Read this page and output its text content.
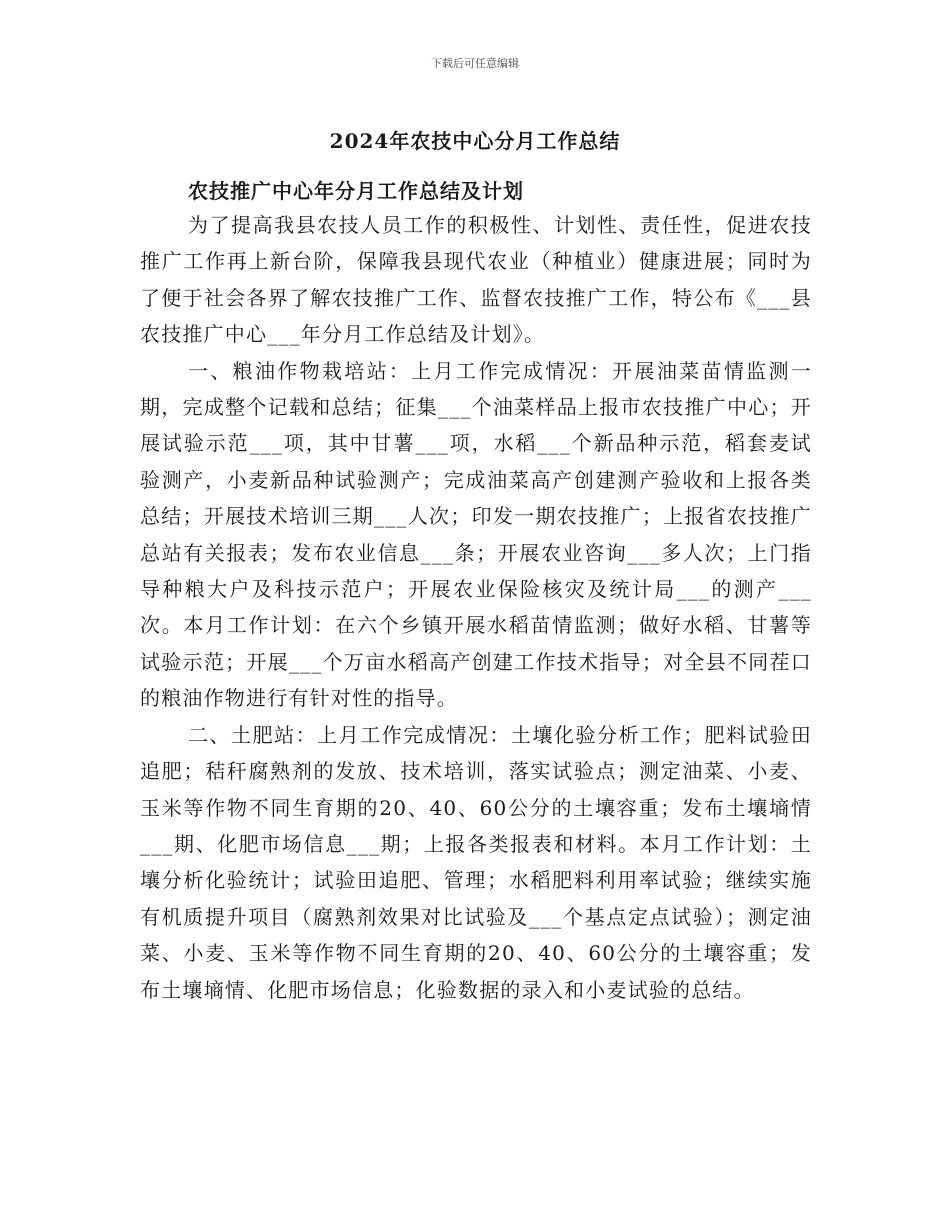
下载后可任意编辑
2024年农技中心分月工作总结
农技推广中心年分月工作总结及计划

为了提高我县农技人员工作的积极性、计划性、责任性，促进农技推广工作再上新台阶，保障我县现代农业（种植业）健康进展；同时为了便于社会各界了解农技推广工作、监督农技推广工作，特公布《___县农技推广中心___年分月工作总结及计划》。

一、粮油作物栽培站：上月工作完成情况：开展油菜苗情监测一期，完成整个记载和总结；征集___个油菜样品上报市农技推广中心；开展试验示范___项，其中甘薯___项，水稻___个新品种示范，稻套麦试验测产，小麦新品种试验测产；完成油菜高产创建测产验收和上报各类总结；开展技术培训三期___人次；印发一期农技推广；上报省农技推广总站有关报表；发布农业信息___条；开展农业咨询___多人次；上门指导种粮大户及科技示范户；开展农业保险核灾及统计局___的测产___次。本月工作计划：在六个乡镇开展水稻苗情监测；做好水稻、甘薯等试验示范；开展___个万亩水稻高产创建工作技术指导；对全县不同茬口的粮油作物进行有针对性的指导。

二、土肥站：上月工作完成情况：土壤化验分析工作；肥料试验田追肥；秸秆腐熟剂的发放、技术培训，落实试验点；测定油菜、小麦、玉米等作物不同生育期的20、40、60公分的土壤容重；发布土壤墒情___期、化肥市场信息___期；上报各类报表和材料。本月工作计划：土壤分析化验统计；试验田追肥、管理；水稻肥料利用率试验；继续实施有机质提升项目（腐熟剂效果对比试验及___个基点定点试验）；测定油菜、小麦、玉米等作物不同生育期的20、40、60公分的土壤容重；发布土壤墒情、化肥市场信息；化验数据的录入和小麦试验的总结。
